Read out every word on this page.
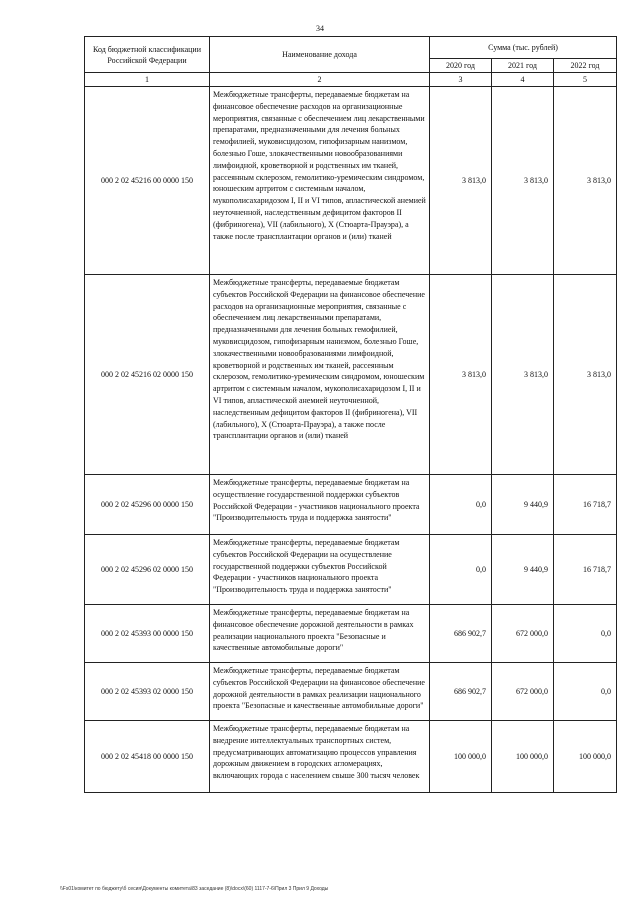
34
Код бюджетной классификации Российской Федерации	Наименование дохода	Сумма (тыс. рублей)		
		2020 год	2021 год	2022 год
1	2	3	4	5
000 2 02 45216 00 0000 150	Межбюджетные трансферты, передаваемые бюджетам на финансовое обеспечение расходов на организационные мероприятия, связанные с обеспечением лиц лекарственными препаратами, предназначенными для лечения больных гемофилией, муковисцидозом, гипофизарным нанизмом, болезнью Гоше, злокачественными новообразованиями лимфоидной, кроветворной и родственных им тканей, рассеянным склерозом, гемолитико-уремическим синдромом, юношеским артритом с системным началом, мукополисахаридозом I, II и VI типов, апластической анемией неуточненной, наследственным дефицитом факторов II (фибриногена), VII (лабильного), X (Стюарта-Прауэра), а также после трансплантации органов и (или) тканей	3 813,0	3 813,0	3 813,0
000 2 02 45216 02 0000 150	Межбюджетные трансферты, передаваемые бюджетам субъектов Российской Федерации на финансовое обеспечение расходов на организационные мероприятия, связанные с обеспечением лиц лекарственными препаратами, предназначенными для лечения больных гемофилией, муковисцидозом, гипофизарным нанизмом, болезнью Гоше, злокачественными новообразованиями лимфоидной, кроветворной и родственных им тканей, рассеянным склерозом, гемолитико-уремическим синдромом, юношеским артритом с системным началом, мукополисахаридозом I, II и VI типов, апластической анемией неуточненной, наследственным дефицитом факторов II (фибриногена), VII (лабильного), X (Стюарта-Прауэра), а также после трансплантации органов и (или) тканей	3 813,0	3 813,0	3 813,0
000 2 02 45296 00 0000 150	Межбюджетные трансферты, передаваемые бюджетам на осуществление государственной поддержки субъектов Российской Федерации - участников национального проекта "Производительность труда и поддержка занятости"	0,0	9 440,9	16 718,7
000 2 02 45296 02 0000 150	Межбюджетные трансферты, передаваемые бюджетам субъектов Российской Федерации на осуществление государственной поддержки субъектов Российской Федерации - участников национального проекта "Производительность труда и поддержка занятости"	0,0	9 440,9	16 718,7
000 2 02 45393 00 0000 150	Межбюджетные трансферты, передаваемые бюджетам на финансовое обеспечение дорожной деятельности в рамках реализации национального проекта "Безопасные и качественные автомобильные дороги"	686 902,7	672 000,0	0,0
000 2 02 45393 02 0000 150	Межбюджетные трансферты, передаваемые бюджетам субъектов Российской Федерации на финансовое обеспечение дорожной деятельности в рамках реализации национального проекта "Безопасные и качественные автомобильные дороги"	686 902,7	672 000,0	0,0
000 2 02 45418 00 0000 150	Межбюджетные трансферты, передаваемые бюджетам на внедрение интеллектуальных транспортных систем, предусматривающих автоматизацию процессов управления дорожным движением в городских агломерациях, включающих города с населением свыше 300 тысяч человек	100 000,0	100 000,0	100 000,0
\\Fs01\комитет по бюджету\б сесия\Документы комитета\83 заседание (8)\docx\(60) 1117-7-6\Прил 3 Прил 9 Доходы
